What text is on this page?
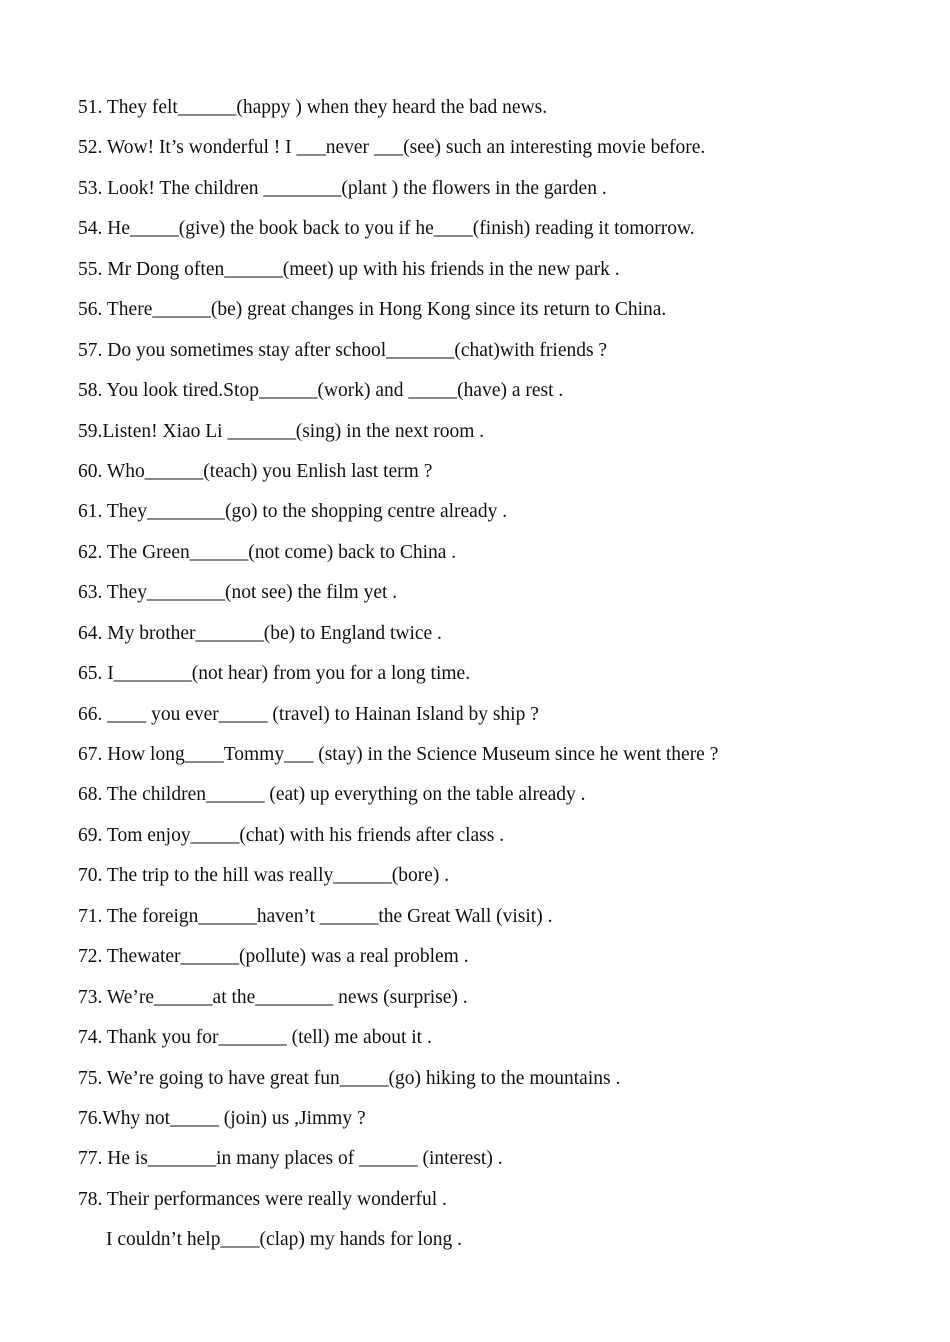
51. They felt______(happy ) when they heard the bad news.
52. Wow! It’s wonderful ! I ___never ___(see) such an interesting movie before.
53. Look! The children ________(plant ) the flowers in the garden .
54. He_____(give) the book back to you if he____(finish) reading it tomorrow.
55. Mr Dong often______(meet) up with his friends in the new park .
56. There______(be) great changes in Hong Kong since its return to China.
57. Do you sometimes stay after school_______(chat)with friends ?
58. You look tired.Stop______(work) and _____(have) a rest .
59.Listen! Xiao Li _______(sing) in the next room .
60. Who______(teach) you Enlish last term ?
61. They________(go) to the shopping centre already .
62. The Green______(not come) back to China .
63. They________(not see) the film yet .
64. My brother_______(be) to England twice .
65. I________(not hear) from you for a long time.
66. ____ you ever_____ (travel) to Hainan Island by ship ?
67. How long____Tommy___ (stay) in the Science Museum since he went there ?
68. The children______ (eat) up everything on the table already .
69. Tom enjoy_____(chat) with his friends after class .
70. The trip to the hill was really______(bore) .
71. The foreign______haven’t ______the Great Wall (visit) .
72. Thewater______(pollute) was a real problem .
73. We’re______at the________ news (surprise) .
74. Thank you for_______ (tell) me about it .
75. We’re going to have great fun_____(go) hiking to the mountains .
76.Why not_____ (join) us ,Jimmy ?
77. He is_______in many places of ______ (interest) .
78. Their performances were really wonderful .
I couldn’t help____(clap) my hands for long .
